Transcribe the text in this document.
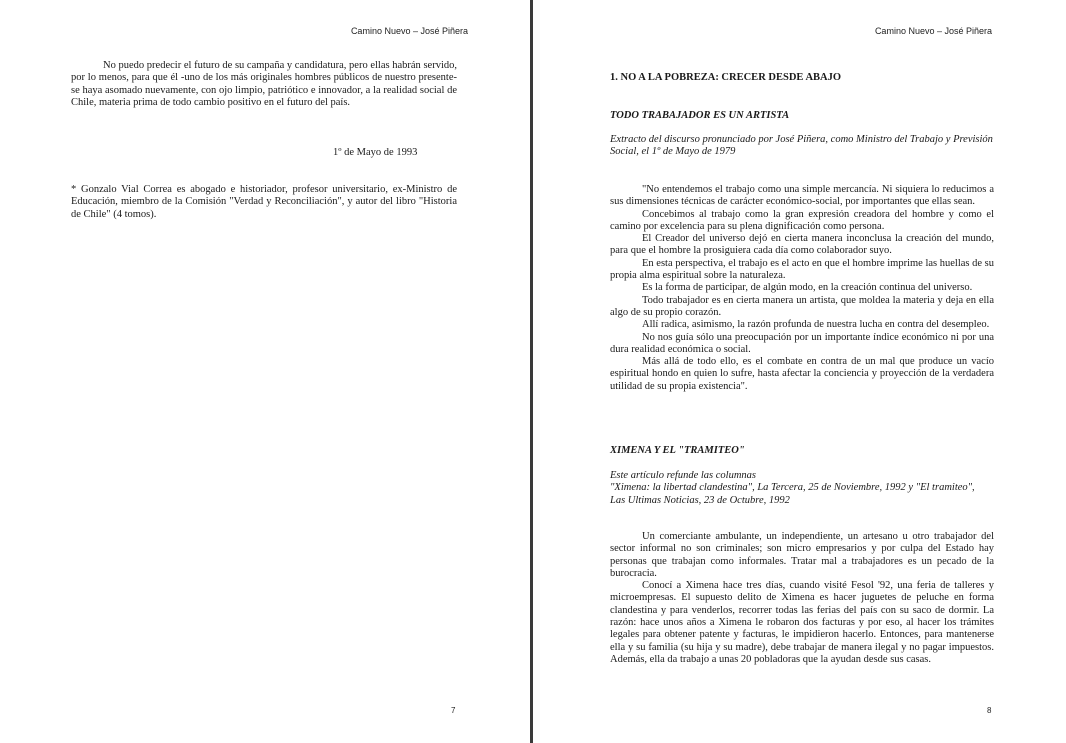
Camino Nuevo – José Piñera

No puedo predecir el futuro de su campaña y candidatura, pero ellas habrán servido, por lo menos, para que él -uno de los más originales hombres públicos de nuestro presente- se haya asomado nuevamente, con ojo limpio, patriótico e innovador, a la realidad social de Chile, materia prima de todo cambio positivo en el futuro del país.

1º de Mayo de 1993

* Gonzalo Vial Correa es abogado e historiador, profesor universitario, ex-Ministro de Educación, miembro de la Comisión "Verdad y Reconciliación", y autor del libro "Historia de Chile" (4 tomos).

7
Camino Nuevo – José Piñera
1. NO A LA POBREZA: CRECER DESDE ABAJO
TODO TRABAJADOR ES UN ARTISTA

Extracto del discurso pronunciado por José Piñera, como Ministro del Trabajo y Previsión Social, el 1º de Mayo de 1979

"No entendemos el trabajo como una simple mercancía. Ni siquiera lo reducimos a sus dimensiones técnicas de carácter económico-social, por importantes que ellas sean.

Concebimos al trabajo como la gran expresión creadora del hombre y como el camino por excelencia para su plena dignificación como persona.

El Creador del universo dejó en cierta manera inconclusa la creación del mundo, para que el hombre la prosiguiera cada día como colaborador suyo.

En esta perspectiva, el trabajo es el acto en que el hombre imprime las huellas de su propia alma espiritual sobre la naturaleza.

Es la forma de participar, de algún modo, en la creación continua del universo.

Todo trabajador es en cierta manera un artista, que moldea la materia y deja en ella algo de su propio corazón.

Allí radica, asimismo, la razón profunda de nuestra lucha en contra del desempleo.

No nos guía sólo una preocupación por un importante índice económico ni por una dura realidad económica o social.

Más allá de todo ello, es el combate en contra de un mal que produce un vacío espiritual hondo en quien lo sufre, hasta afectar la conciencia y proyección de la verdadera utilidad de su propia existencia".

XIMENA Y EL "TRAMITEO"
Este artículo refunde las columnas
"Ximena: la libertad clandestina", La Tercera, 25 de Noviembre, 1992 y "El tramiteo",
Las Ultimas Noticias, 23 de Octubre, 1992

Un comerciante ambulante, un independiente, un artesano u otro trabajador del sector informal no son criminales; son micro empresarios y por culpa del Estado hay personas que trabajan como informales. Tratar mal a trabajadores es un pecado de la burocracia.

Conocí a Ximena hace tres días, cuando visité Fesol '92, una feria de talleres y microempresas. El supuesto delito de Ximena es hacer juguetes de peluche en forma clandestina y para venderlos, recorrer todas las ferias del país con su saco de dormir. La razón: hace unos años a Ximena le robaron dos facturas y por eso, al hacer los trámites legales para obtener patente y facturas, le impidieron hacerlo. Entonces, para mantenerse ella y su familia (su hija y su madre), debe trabajar de manera ilegal y no pagar impuestos. Además, ella da trabajo a unas 20 pobladoras que la ayudan desde sus casas.

8
